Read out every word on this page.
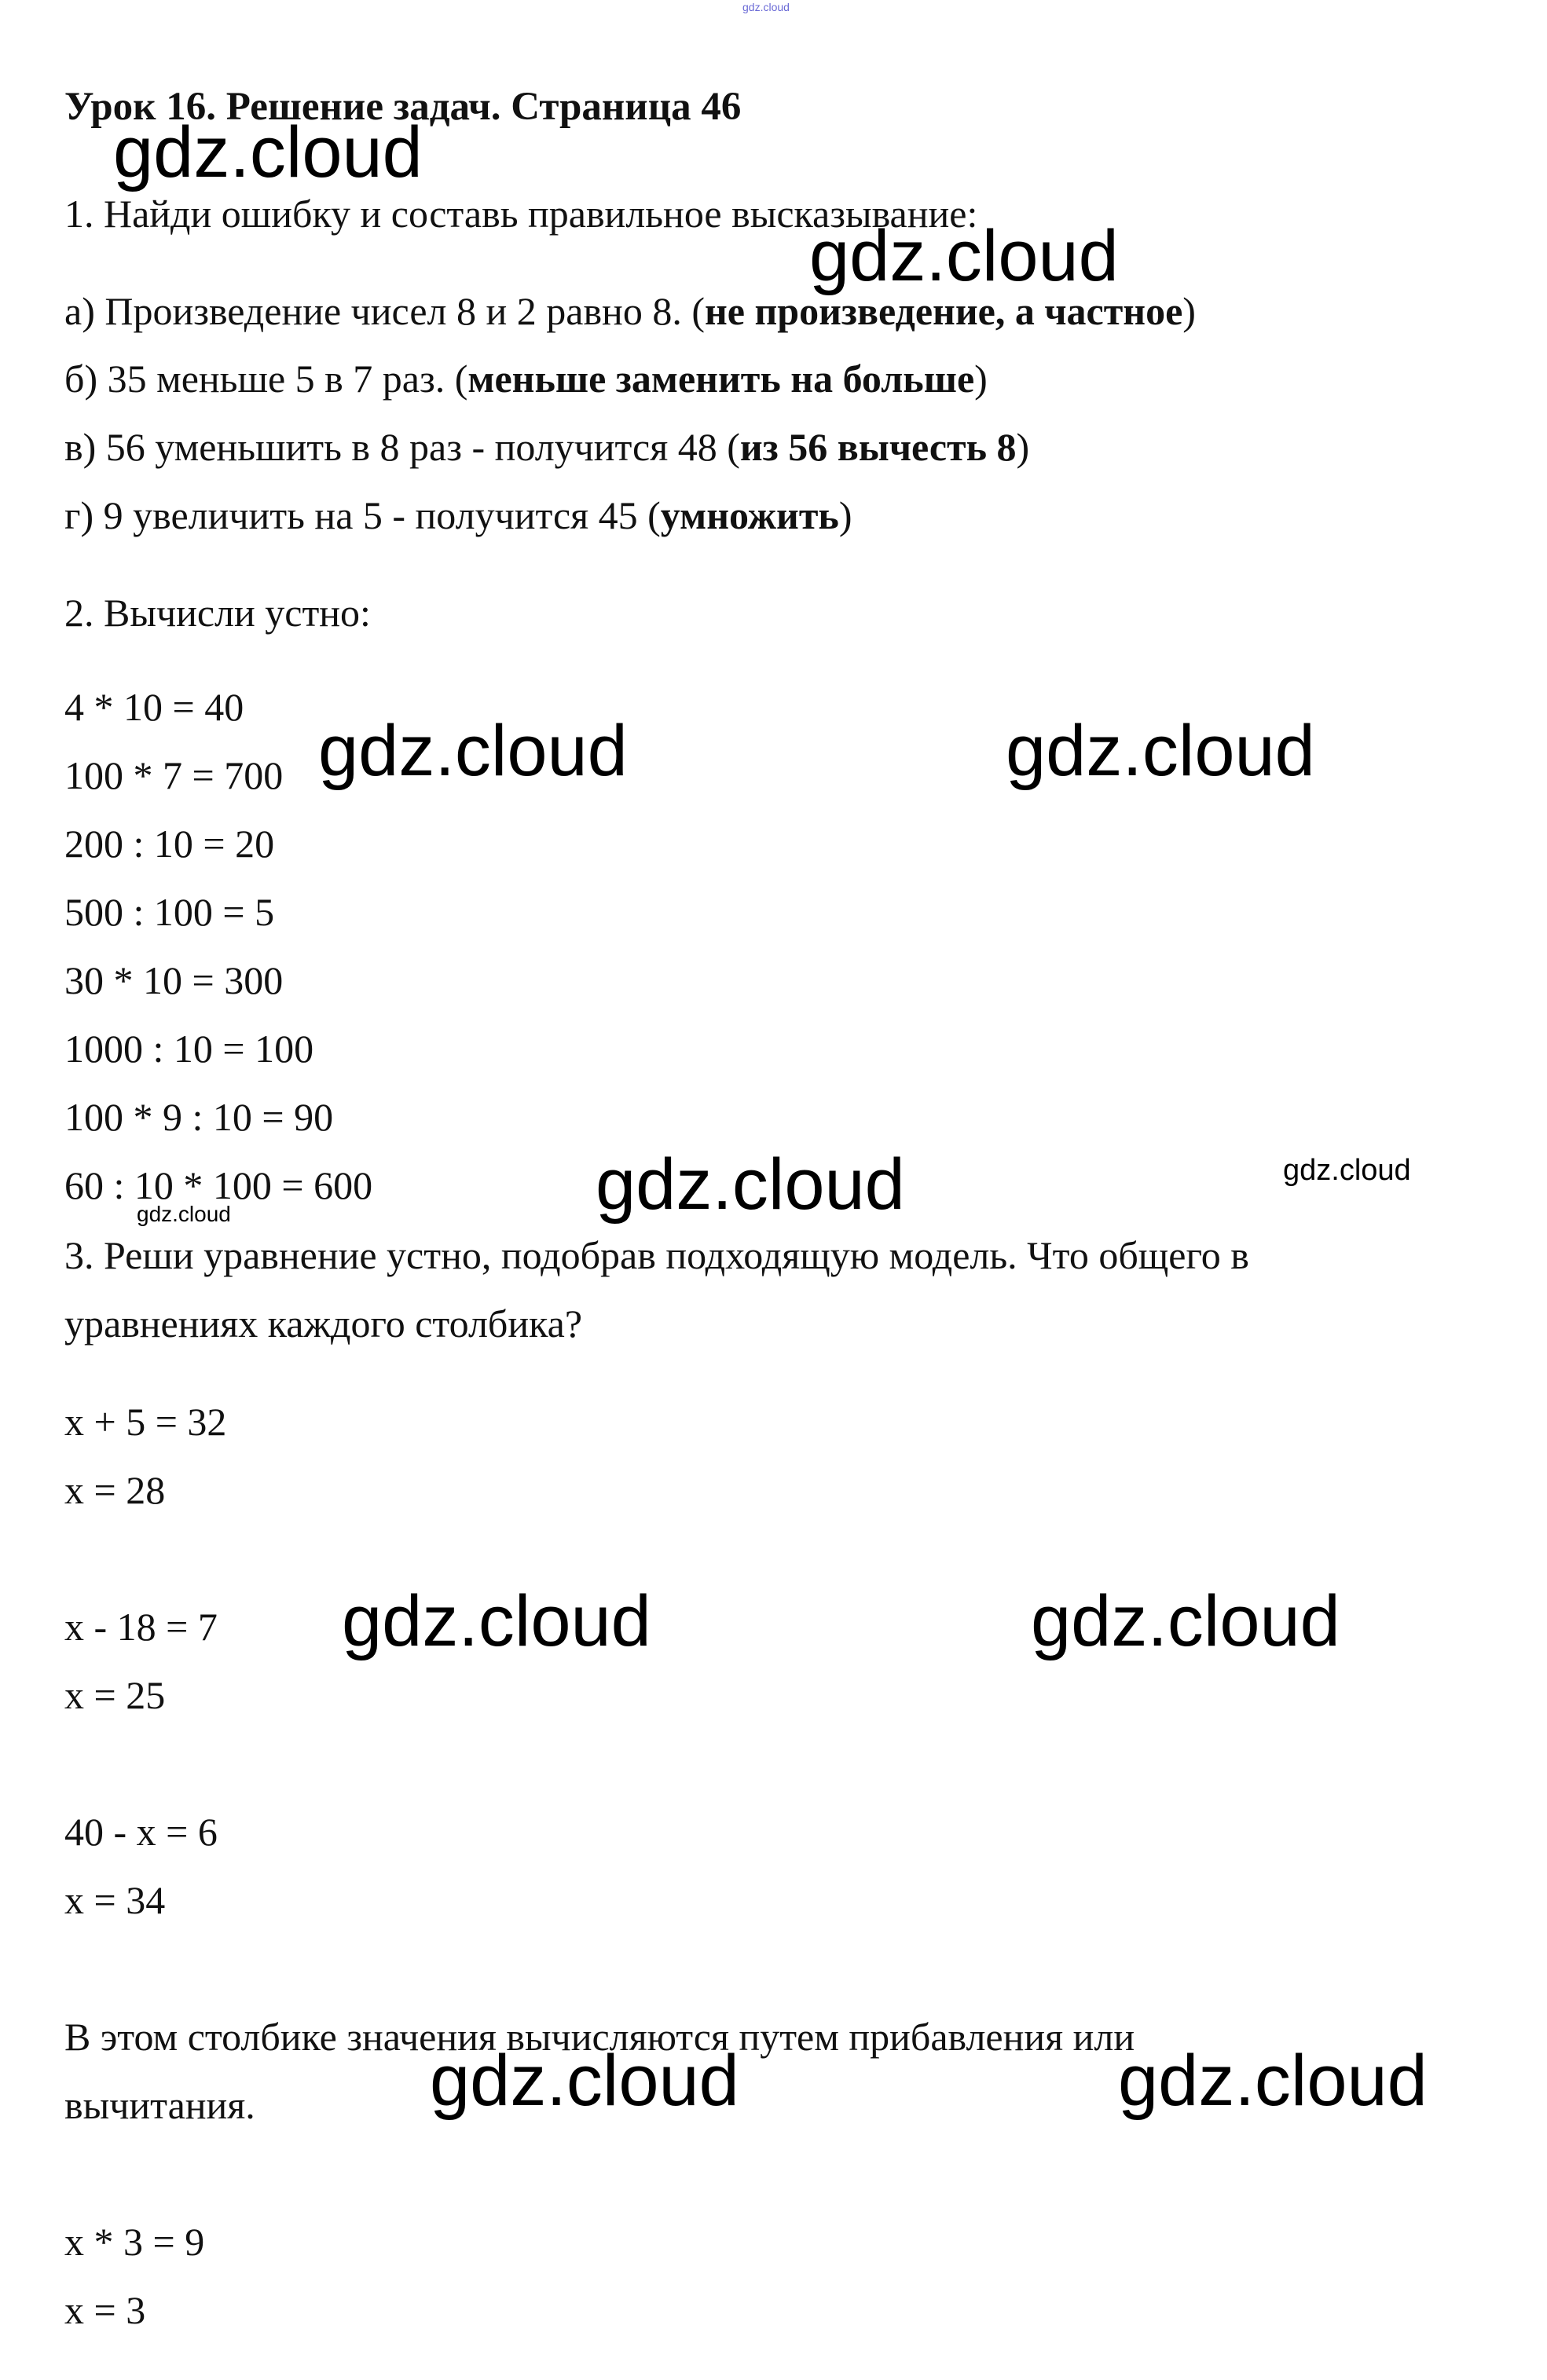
gdz.cloud
Урок 16. Решение задач. Страница 46
1. Найди ошибку и составь правильное высказывание:
а) Произведение чисел 8 и 2 равно 8. (не произведение, а частное)
б) 35 меньше 5 в 7 раз. (меньше заменить на больше)
в) 56 уменьшить в 8 раз - получится 48 (из 56 вычесть 8)
г) 9 увеличить на 5 - получится 45 (умножить)
2. Вычисли устно:
4 * 10 = 40
100 * 7 = 700
200 : 10 = 20
500 : 100 = 5
30 * 10 = 300
1000 : 10 = 100
100 * 9 : 10 = 90
60 : 10 * 100 = 600
3. Реши уравнение устно, подобрав подходящую модель. Что общего в
уравнениях каждого столбика?
x + 5 = 32
x = 28
x - 18 = 7
x = 25
40 - x = 6
x = 34
В этом столбике значения вычисляются путем прибавления или
вычитания.
x * 3 = 9
x = 3
gdz.cloud
gdz.cloud
gdz.cloud	gdz.cloud
gdz.cloud	gdz.cloud
gdz.cloud
gdz.cloud	gdz.cloud
gdz.cloud	gdz.cloud
